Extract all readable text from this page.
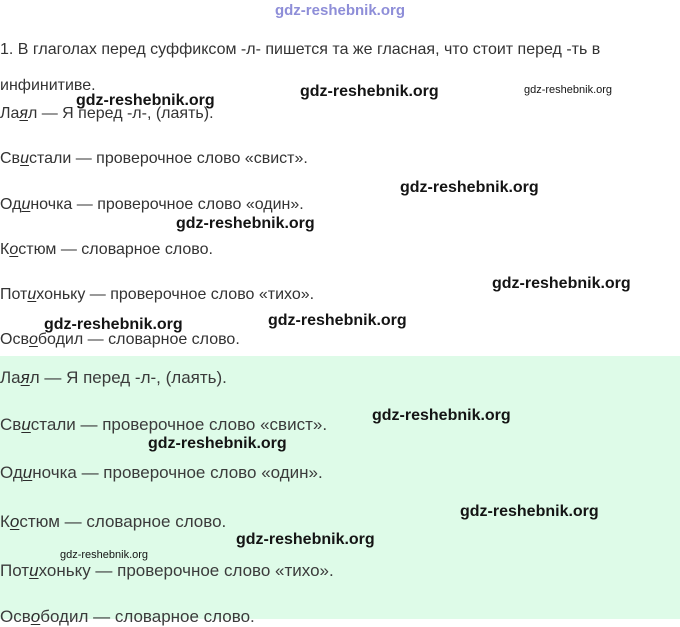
gdz-reshebnik.org
1. В глаголах перед суффиксом -л- пишется та же гласная, что стоит перед -ть в инфинитиве.
Лаял — Я перед -л-, (лаять).
Свистали — проверочное слово «свист».
Одиночка — проверочное слово «один».
Костюм — словарное слово.
Потихоньку — проверочное слово «тихо».
Освободил — словарное слово.
Лаял — Я перед -л-, (лаять).
Свистали — проверочное слово «свист».
Одиночка — проверочное слово «один».
Костюм — словарное слово.
Потихоньку — проверочное слово «тихо».
Освободил — словарное слово.
gdz-reshebnik.org
gdz-reshebnik.org	gdz-reshebnik.org
gdz-reshebnik.org
gdz-reshebnik.org
gdz-reshebnik.org
gdz-reshebnik.org	gdz-reshebnik.org
gdz-reshebnik.org
gdz-reshebnik.org
gdz-reshebnik.org
gdz-reshebnik.org
gdz-reshebnik.org
